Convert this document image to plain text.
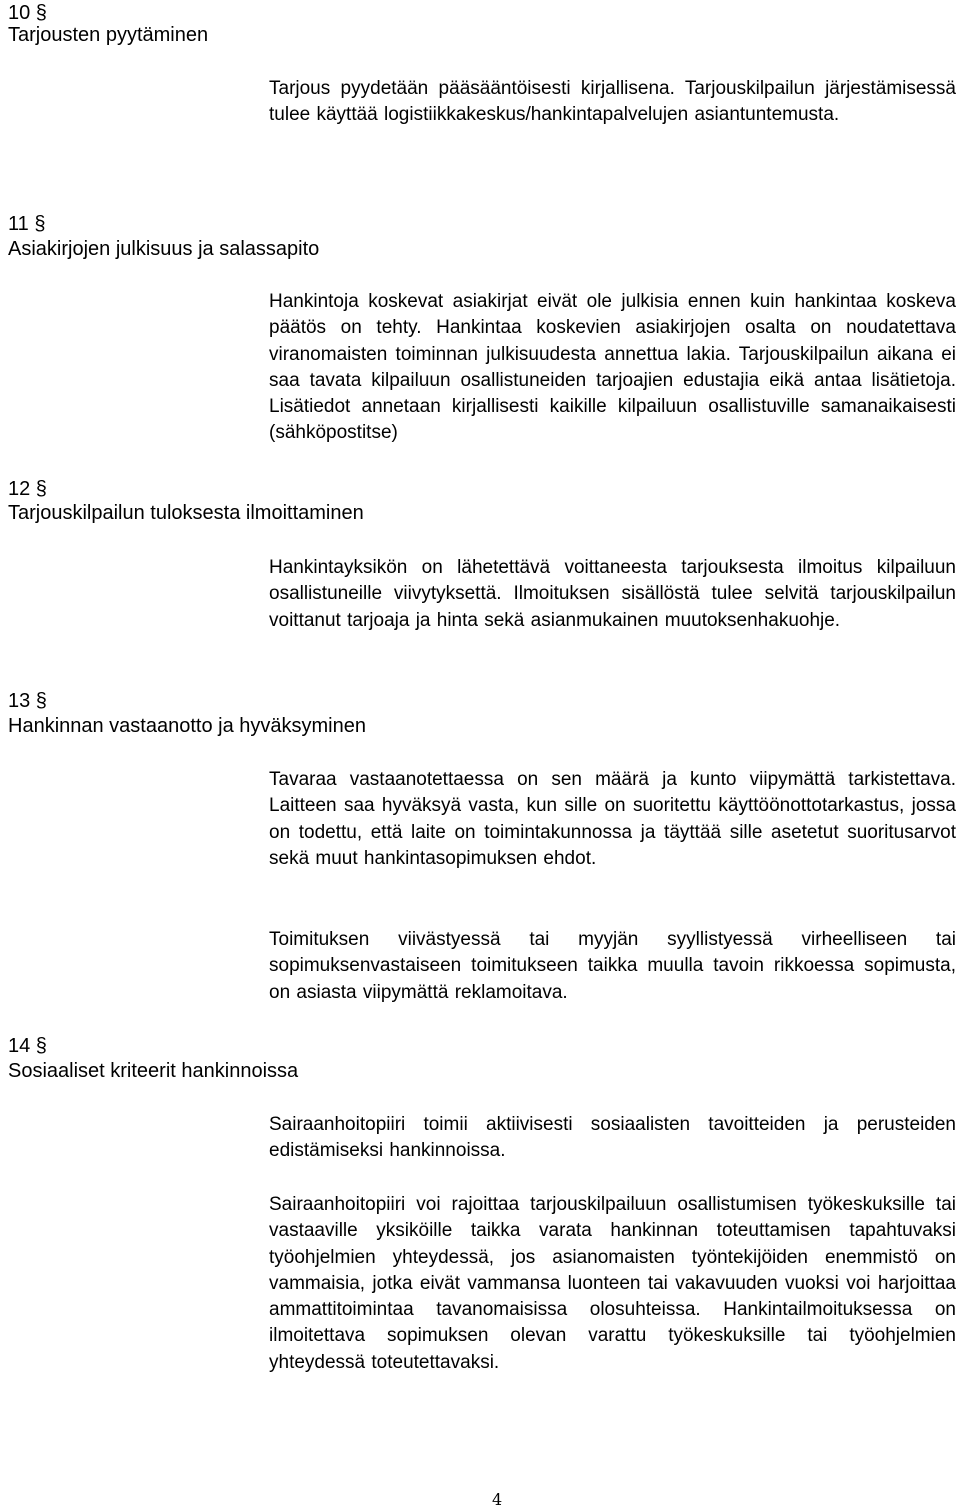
10 §
Tarjousten pyytäminen
Tarjous pyydetään pääsääntöisesti kirjallisena. Tarjouskilpailun järjestämisessä tulee käyttää logistiikkakeskus/hankintapalvelujen asiantuntemusta.
11 §
Asiakirjojen julkisuus ja salassapito
Hankintoja koskevat asiakirjat eivät ole julkisia ennen kuin hankintaa koskeva päätös on tehty. Hankintaa koskevien asiakirjojen osalta on noudatettava viranomaisten toiminnan julkisuudesta annettua lakia. Tarjouskilpailun aikana ei saa tavata kilpailuun osallistuneiden tarjoajien edustajia eikä antaa lisätietoja. Lisätiedot annetaan kirjallisesti kaikille kilpailuun osallistuville samanaikaisesti (sähköpostitse)
12 §
Tarjouskilpailun tuloksesta ilmoittaminen
Hankintayksikön on lähetettävä voittaneesta tarjouksesta ilmoitus kilpailuun osallistuneille viivytyksettä. Ilmoituksen sisällöstä tulee selvitä tarjouskilpailun voittanut tarjoaja ja hinta sekä asianmukainen muutoksenhakuohje.
13 §
Hankinnan vastaanotto ja hyväksyminen
Tavaraa vastaanotettaessa on sen määrä ja kunto viipymättä tarkistettava. Laitteen saa hyväksyä vasta, kun sille on suoritettu käyttöönottotarkastus, jossa on todettu, että laite on toimintakunnossa ja täyttää sille asetetut suoritusarvot sekä muut hankintasopimuksen ehdot.
Toimituksen viivästyessä tai myyjän syyllistyessä virheelliseen tai sopimuksenvastaiseen toimitukseen taikka muulla tavoin rikkoessa sopimusta, on asiasta viipymättä reklamoitava.
14 §
Sosiaaliset kriteerit hankinnoissa
Sairaanhoitopiiri toimii aktiivisesti sosiaalisten tavoitteiden ja perusteiden edistämiseksi hankinnoissa.
Sairaanhoitopiiri voi rajoittaa tarjouskilpailuun osallistumisen työkeskuksille tai vastaaville yksiköille taikka varata hankinnan toteuttamisen tapahtuvaksi työohjelmien yhteydessä, jos asianomaisten työntekijöiden enemmistö on vammaisia, jotka eivät vammansa luonteen tai vakavuuden vuoksi voi harjoittaa ammattitoimintaa tavanomaisissa olosuhteissa. Hankintailmoituksessa on ilmoitettava sopimuksen olevan varattu työkeskuksille tai työohjelmien yhteydessä toteutettavaksi.
4
